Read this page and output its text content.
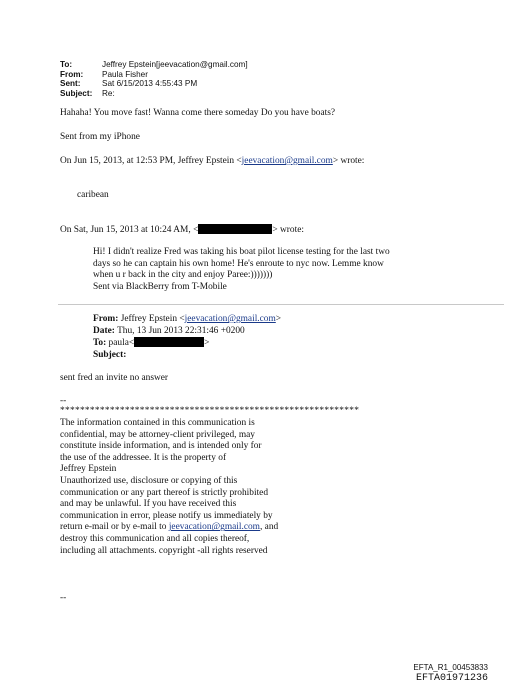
To:	Jeffrey Epstein[jeevacation@gmail.com]
From:	Paula Fisher
Sent:	Sat 6/15/2013 4:55:43 PM
Subject:	Re:
Hahaha! You move fast! Wanna come there someday Do you have boats?
Sent from my iPhone
On Jun 15, 2013, at 12:53 PM, Jeffrey Epstein <jeevacation@gmail.com> wrote:
caribean
On Sat, Jun 15, 2013 at 10:24 AM, <	> wrote:
Hi! I didn't realize Fred was taking his boat pilot license testing for the last two
days so he can captain his own home! He's enroute to nyc now. Lemme know
when u r back in the city and enjoy Paree:)))))))
Sent via BlackBerry from T-Mobile
From: Jeffrey Epstein <jeevacation@gmail.com>
Date: Thu, 13 Jun 2013 22:31:46 +0200
To: paula<	>
Subject:
sent fred an invite no answer
--
************************************************************
The information contained in this communication is
confidential, may be attorney-client privileged, may
constitute inside information, and is intended only for
the use of the addressee. It is the property of
Jeffrey Epstein
Unauthorized use, disclosure or copying of this
communication or any part thereof is strictly prohibited
and may be unlawful. If you have received this
communication in error, please notify us immediately by
return e-mail or by e-mail to jeevacation@gmail.com, and
destroy this communication and all copies thereof,
including all attachments. copyright -all rights reserved
--
EFTA_R1_00453833
EFTA01971236
